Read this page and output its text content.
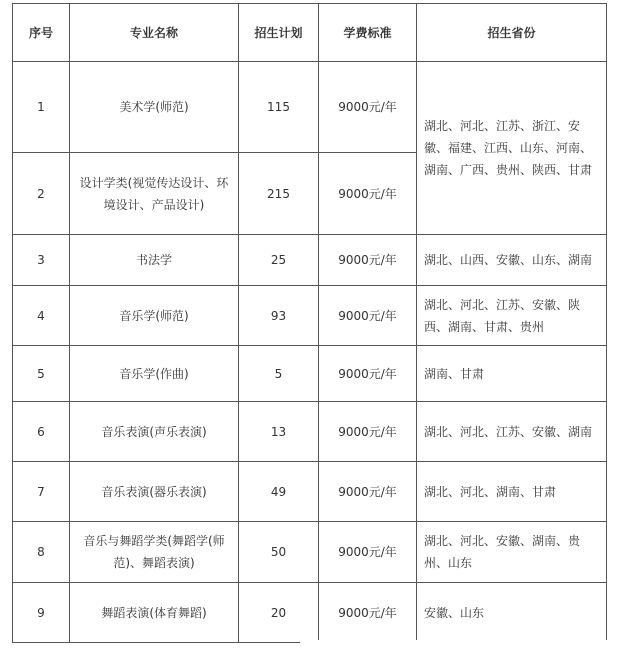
序号	专业名称	招生计划	学费标准	招生省份
1	美术学(师范)	115	9000元/年	湖北、河北、江苏、浙江、安徽、福建、江西、山东、河南、湖南、广西、贵州、陕西、甘肃
2	设计学类(视觉传达设计、环境设计、产品设计)	215	9000元/年	
3	书法学	25	9000元/年	湖北、山西、安徽、山东、湖南
4	音乐学(师范)	93	9000元/年	湖北、河北、江苏、安徽、陕西、湖南、甘肃、贵州
5	音乐学(作曲)	5	9000元/年	湖南、甘肃
6	音乐表演(声乐表演)	13	9000元/年	湖北、河北、江苏、安徽、湖南
7	音乐表演(器乐表演)	49	9000元/年	湖北、河北、湖南、甘肃
8	音乐与舞蹈学类(舞蹈学(师范)、舞蹈表演)	50	9000元/年	湖北、河北、安徽、湖南、贵州、山东
9	舞蹈表演(体育舞蹈)	20	9000元/年	安徽、山东
